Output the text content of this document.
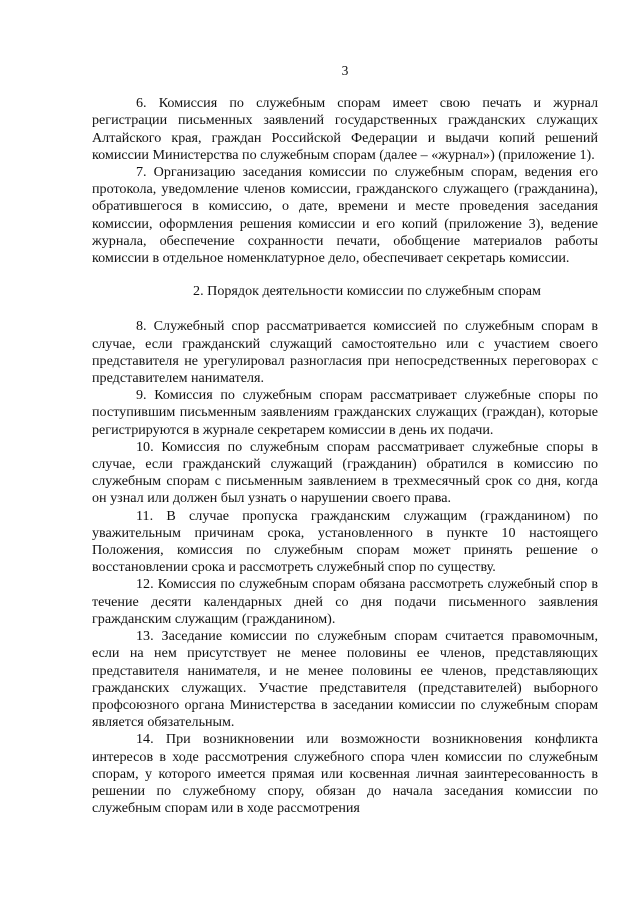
3

6. Комиссия по служебным спорам имеет свою печать и журнал регистрации письменных заявлений государственных гражданских служащих Алтайского края, граждан Российской Федерации и выдачи копий решений комиссии Министерства по служебным спорам (далее – «журнал») (приложение 1).

7. Организацию заседания комиссии по служебным спорам, ведения его протокола, уведомление членов комиссии, гражданского служащего (гражданина), обратившегося в комиссию, о дате, времени и месте проведения заседания комиссии, оформления решения комиссии и его копий (приложение 3), ведение журнала, обеспечение сохранности печати, обобщение материалов работы комиссии в отдельное номенклатурное дело, обеспечивает секретарь комиссии.

2. Порядок деятельности комиссии по служебным спорам

8. Служебный спор рассматривается комиссией по служебным спорам в случае, если гражданский служащий самостоятельно или с участием своего представителя не урегулировал разногласия при непосредственных переговорах с представителем нанимателя.

9. Комиссия по служебным спорам рассматривает служебные споры по поступившим письменным заявлениям гражданских служащих (граждан), которые регистрируются в журнале секретарем комиссии в день их подачи.

10. Комиссия по служебным спорам рассматривает служебные споры в случае, если гражданский служащий (гражданин) обратился в комиссию по служебным спорам с письменным заявлением в трехмесячный срок со дня, когда он узнал или должен был узнать о нарушении своего права.

11. В случае пропуска гражданским служащим (гражданином) по уважительным причинам срока, установленного в пункте 10 настоящего Положения, комиссия по служебным спорам может принять решение о восстановлении срока и рассмотреть служебный спор по существу.

12. Комиссия по служебным спорам обязана рассмотреть служебный спор в течение десяти календарных дней со дня подачи письменного заявления гражданским служащим (гражданином).

13. Заседание комиссии по служебным спорам считается правомочным, если на нем присутствует не менее половины ее членов, представляющих представителя нанимателя, и не менее половины ее членов, представляющих гражданских служащих. Участие представителя (представителей) выборного профсоюзного органа Министерства в заседании комиссии по служебным спорам является обязательным.

14. При возникновении или возможности возникновения конфликта интересов в ходе рассмотрения служебного спора член комиссии по служебным спорам, у которого имеется прямая или косвенная личная заинтересованность в решении по служебному спору, обязан до начала заседания комиссии по служебным спорам или в ходе рассмотрения
